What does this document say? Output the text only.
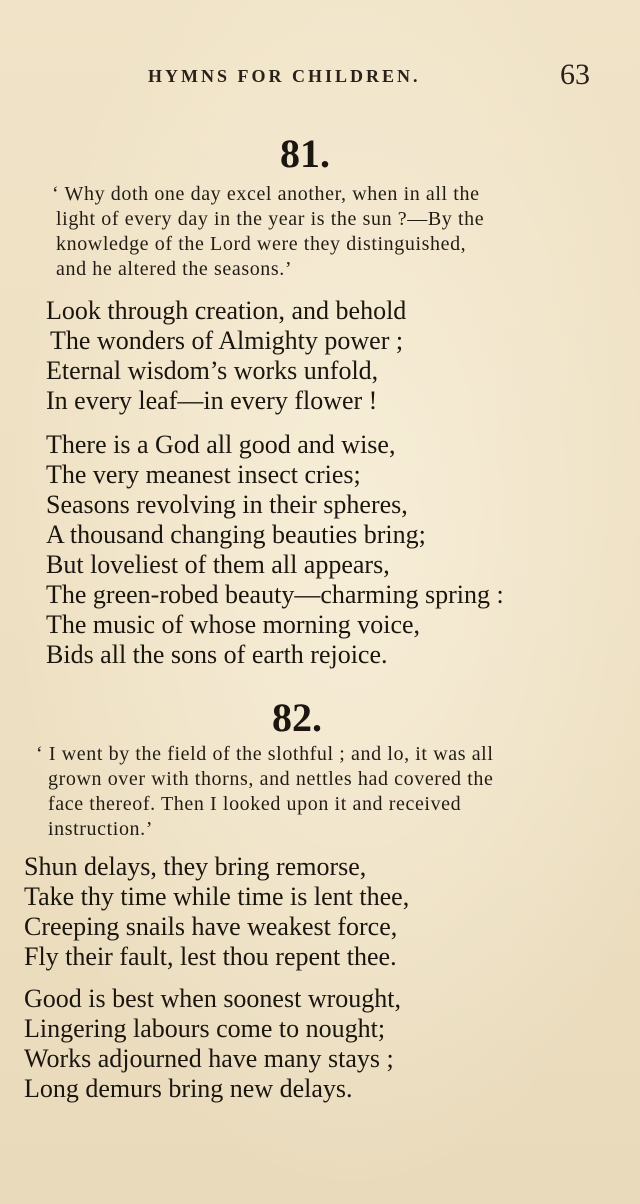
HYMNS FOR CHILDREN.	63
81.
‘ Why doth one day excel another, when in all the
light of every day in the year is the sun ?—By the
knowledge of the Lord were they distinguished,
and he altered the seasons.’
Look through creation, and behold
The wonders of Almighty power ;
Eternal wisdom’s works unfold,
In every leaf—in every flower !
There is a God all good and wise,
The very meanest insect cries;
Seasons revolving in their spheres,
A thousand changing beauties bring;
But loveliest of them all appears,
The green-robed beauty—charming spring :
The music of whose morning voice,
Bids all the sons of earth rejoice.
82.
‘ I went by the field of the slothful ; and lo, it was all
grown over with thorns, and nettles had covered the
face thereof. Then I looked upon it and received
instruction.’
Shun delays, they bring remorse,
Take thy time while time is lent thee,
Creeping snails have weakest force,
Fly their fault, lest thou repent thee.
Good is best when soonest wrought,
Lingering labours come to nought;
Works adjourned have many stays ;
Long demurs bring new delays.
